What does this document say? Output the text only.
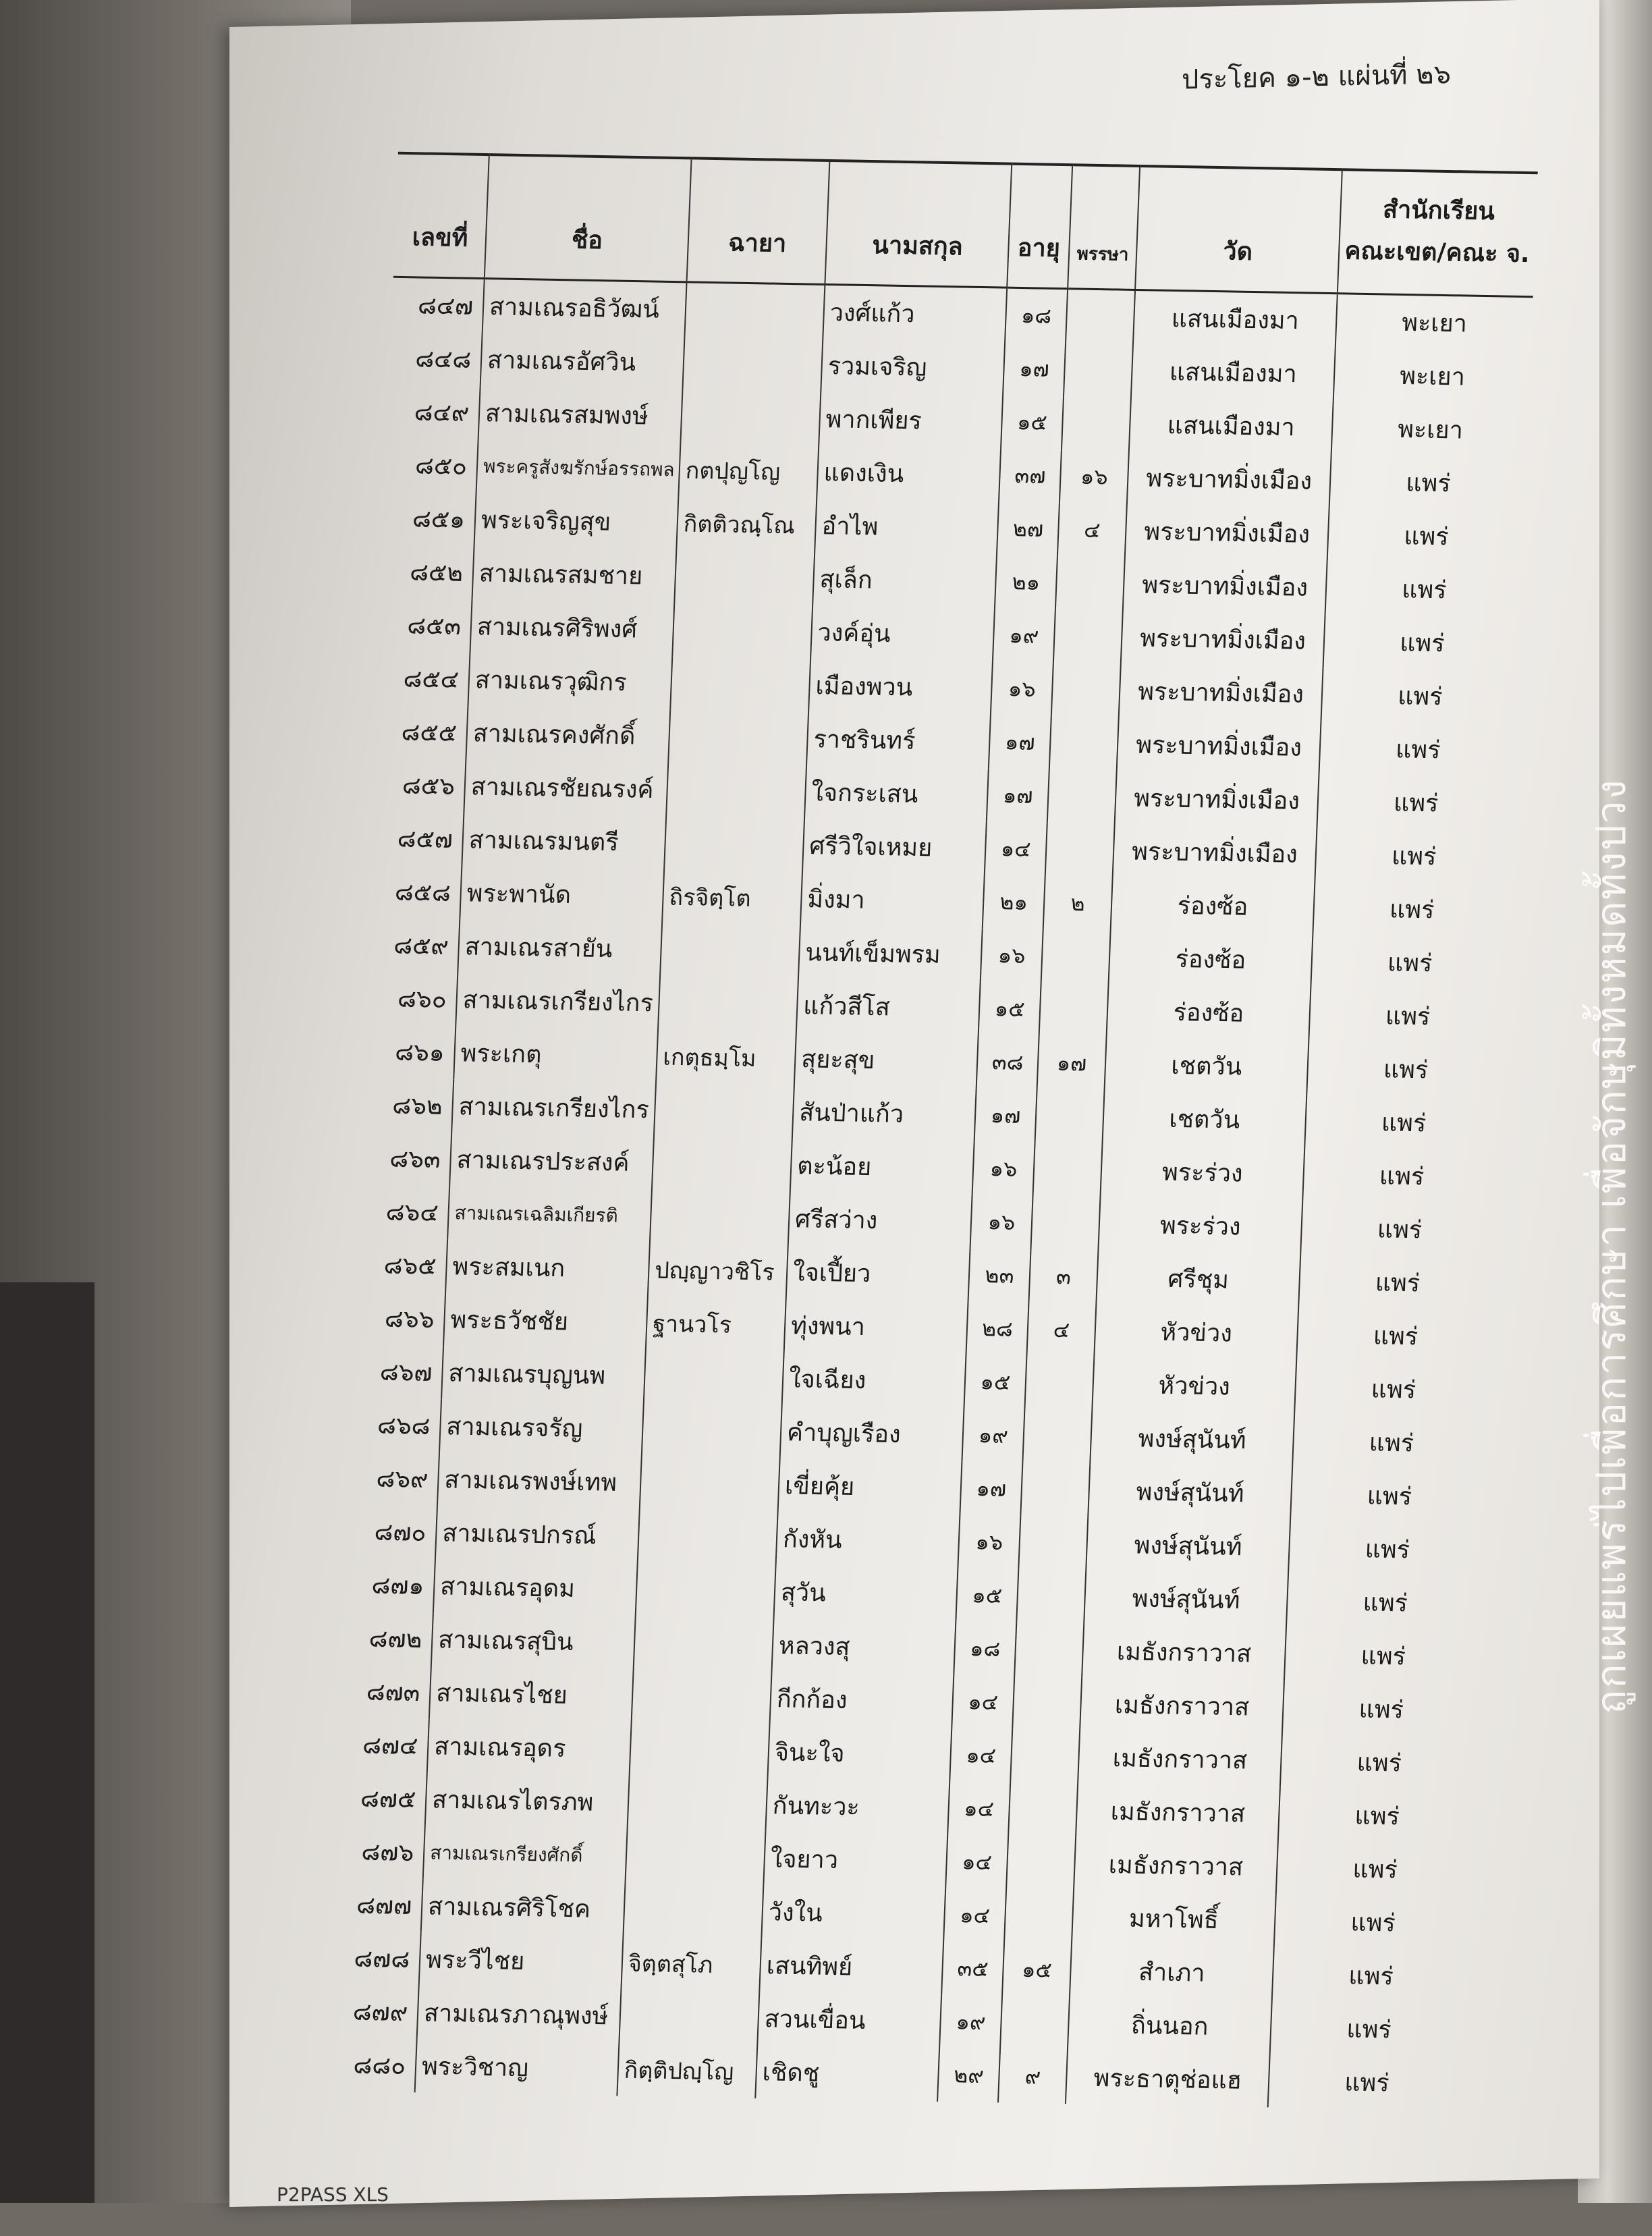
ประโยค ๑-๒ แผ่นที่ ๒๖
เลขที่	ชื่อ	ฉายา	นามสกุล	อายุ	พรรษา	วัด	สำนักเรียน
คณะเขต/คณะ จ.

๘๔๗	สามเณรอธิวัฒน์		วงศ์แก้ว	๑๘		แสนเมืองมา	พะเยา
๘๔๘	สามเณรอัศวิน		รวมเจริญ	๑๗		แสนเมืองมา	พะเยา
๘๔๙	สามเณรสมพงษ์		พากเพียร	๑๕		แสนเมืองมา	พะเยา
๘๕๐	พระครูสังฆรักษ์อรรถพล	กตปุญโญ	แดงเงิน	๓๗	๑๖	พระบาทมิ่งเมือง	แพร่
๘๕๑	พระเจริญสุข	กิตติวณฺโณ	อำไพ	๒๗	๔	พระบาทมิ่งเมือง	แพร่
๘๕๒	สามเณรสมชาย		สุเล็ก	๒๑		พระบาทมิ่งเมือง	แพร่
๘๕๓	สามเณรศิริพงศ์		วงค์อุ่น	๑๙		พระบาทมิ่งเมือง	แพร่
๘๕๔	สามเณรวุฒิกร		เมืองพวน	๑๖		พระบาทมิ่งเมือง	แพร่
๘๕๕	สามเณรคงศักดิ์		ราชรินทร์	๑๗		พระบาทมิ่งเมือง	แพร่
๘๕๖	สามเณรชัยณรงค์		ใจกระเสน	๑๗		พระบาทมิ่งเมือง	แพร่
๘๕๗	สามเณรมนตรี		ศรีวิใจเหมย	๑๔		พระบาทมิ่งเมือง	แพร่
๘๕๘	พระพานัด	ถิรจิตฺโต	มิ่งมา	๒๑	๒	ร่องซ้อ	แพร่
๘๕๙	สามเณรสายัน		นนท์เข็มพรม	๑๖		ร่องซ้อ	แพร่
๘๖๐	สามเณรเกรียงไกร		แก้วสีโส	๑๕		ร่องซ้อ	แพร่
๘๖๑	พระเกตุ	เกตุธมฺโม	สุยะสุข	๓๘	๑๗	เชตวัน	แพร่
๘๖๒	สามเณรเกรียงไกร		สันป่าแก้ว	๑๗		เชตวัน	แพร่
๘๖๓	สามเณรประสงค์		ตะน้อย	๑๖		พระร่วง	แพร่
๘๖๔	สามเณรเฉลิมเกียรติ		ศรีสว่าง	๑๖		พระร่วง	แพร่
๘๖๕	พระสมเนก	ปญฺญาวชิโร	ใจเปี้ยว	๒๓	๓	ศรีชุม	แพร่
๘๖๖	พระธวัชชัย	ฐานวโร	ทุ่งพนา	๒๘	๔	หัวข่วง	แพร่
๘๖๗	สามเณรบุญนพ		ใจเฉียง	๑๕		หัวข่วง	แพร่
๘๖๘	สามเณรจรัญ		คำบุญเรือง	๑๙		พงษ์สุนันท์	แพร่
๘๖๙	สามเณรพงษ์เทพ		เขี่ยคุ้ย	๑๗		พงษ์สุนันท์	แพร่
๘๗๐	สามเณรปกรณ์		กังหัน	๑๖		พงษ์สุนันท์	แพร่
๘๗๑	สามเณรอุดม		สุวัน	๑๕		พงษ์สุนันท์	แพร่
๘๗๒	สามเณรสุบิน		หลวงสุ	๑๘		เมธังกราวาส	แพร่
๘๗๓	สามเณรไชย		กีกก้อง	๑๔		เมธังกราวาส	แพร่
๘๗๔	สามเณรอุดร		จินะใจ	๑๔		เมธังกราวาส	แพร่
๘๗๕	สามเณรไตรภพ		กันทะวะ	๑๔		เมธังกราวาส	แพร่
๘๗๖	สามเณรเกรียงศักดิ์		ใจยาว	๑๔		เมธังกราวาส	แพร่
๘๗๗	สามเณรศิริโชค		วังใน	๑๔		มหาโพธิ์	แพร่
๘๗๘	พระวีไชย	จิตฺตสุโภ	เสนทิพย์	๓๕	๑๕	สำเภา	แพร่
๘๗๙	สามเณรภาณุพงษ์		สวนเขื่อน	๑๙		ถิ่นนอก	แพร่
๘๘๐	พระวิชาญ	กิตฺติปญฺโญ	เชิดชู	๒๙	๙	พระธาตุช่อแฮ	แพร่
ถูกเผยแพร่ไปเพื่อการศึกษา เพื่อจักษุมิทั้งหมดทั้งปวง
P2PASS XLS
